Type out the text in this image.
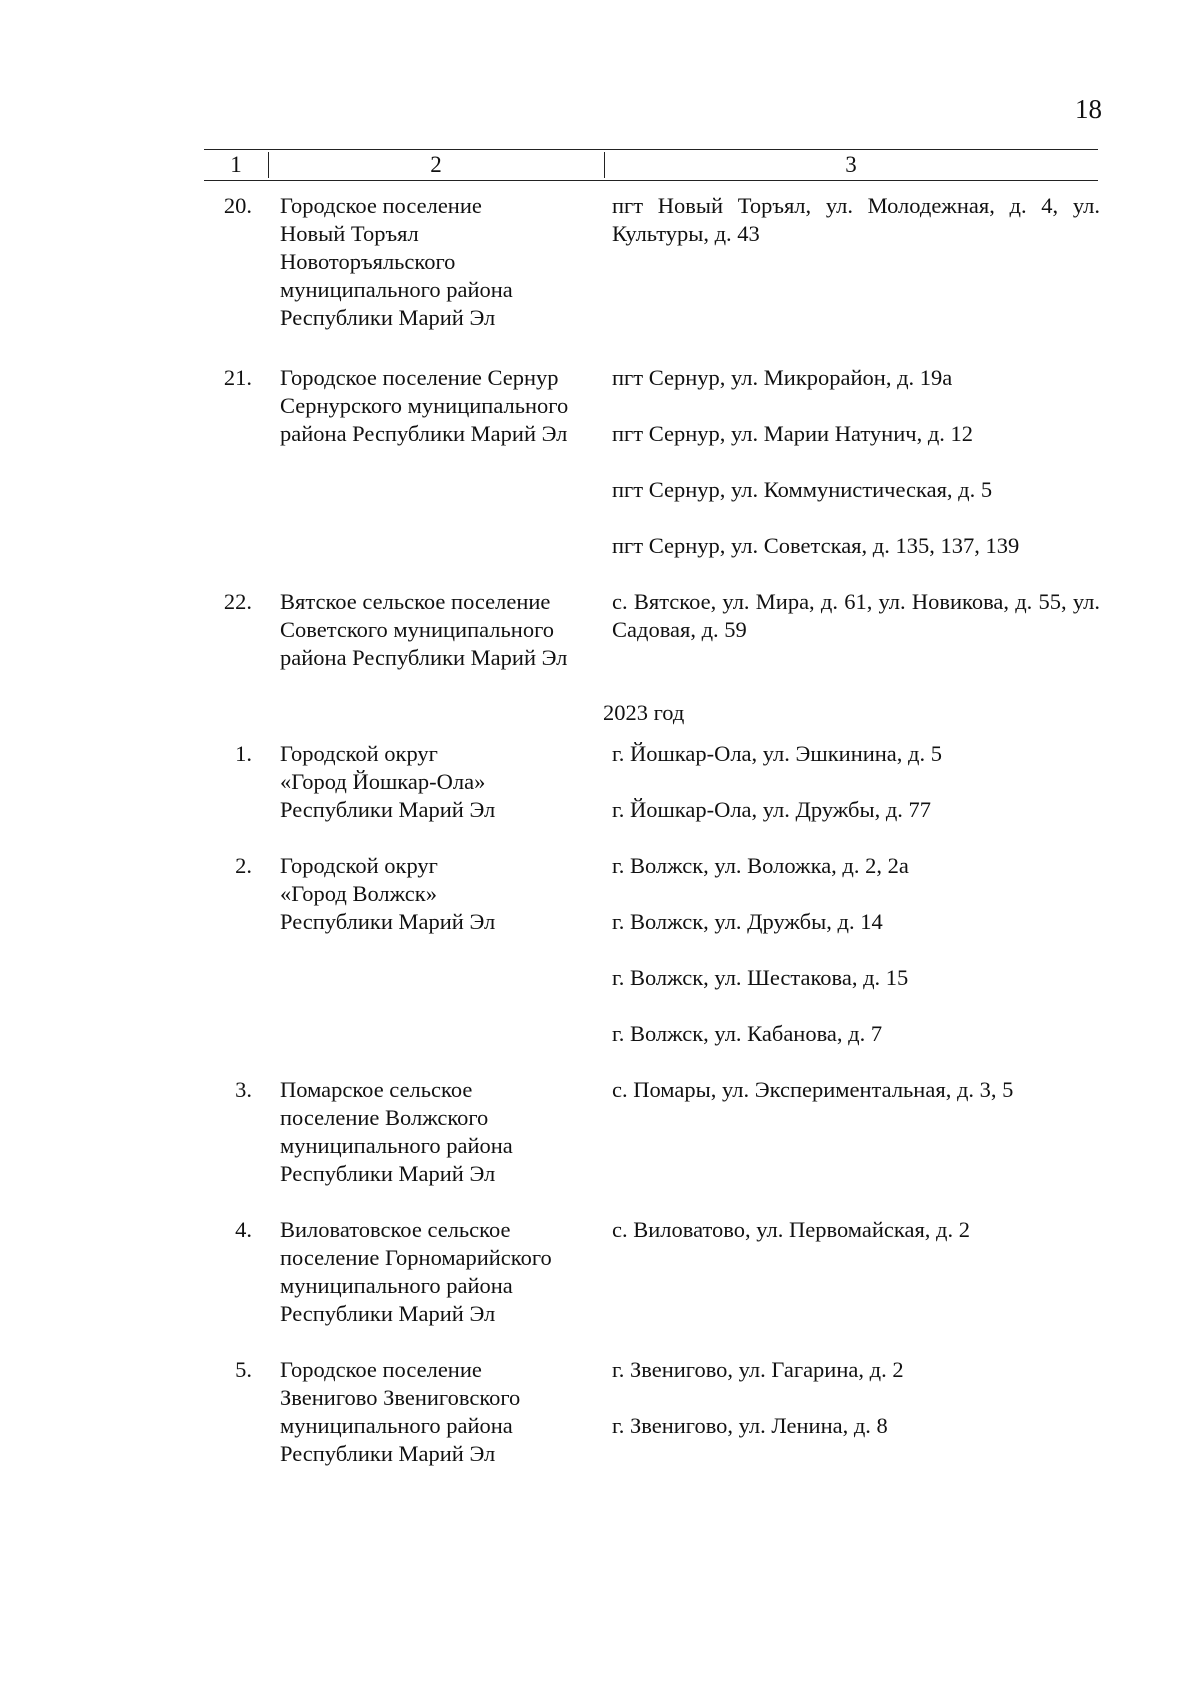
18
1	2	3
20. Городское поселение
Новый Торъял
Новоторъяльского
муниципального района
Республики Марий Эл
пгт Новый Торъял, ул. Молодежная, д. 4, ул. Культуры, д. 43
21. Городское поселение Сернур
Сернурского муниципального
района Республики Марий Эл
пгт Сернур, ул. Микрорайон, д. 19а
пгт Сернур, ул. Марии Натунич, д. 12
пгт Сернур, ул. Коммунистическая, д. 5
пгт Сернур, ул. Советская, д. 135, 137, 139
22. Вятское сельское поселение
Советского муниципального
района Республики Марий Эл
с. Вятское, ул. Мира, д. 61, ул. Новикова, д. 55, ул. Садовая, д. 59
2023 год
1. Городской округ
«Город Йошкар-Ола»
Республики Марий Эл
г. Йошкар-Ола, ул. Эшкинина, д. 5
г. Йошкар-Ола, ул. Дружбы, д. 77
2. Городской округ
«Город Волжск»
Республики Марий Эл
г. Волжск, ул. Воложка, д. 2, 2а
г. Волжск, ул. Дружбы, д. 14
г. Волжск, ул. Шестакова, д. 15
г. Волжск, ул. Кабанова, д. 7
3. Помарское сельское
поселение Волжского
муниципального района
Республики Марий Эл
с. Помары, ул. Экспериментальная, д. 3, 5
4. Виловатовское сельское
поселение Горномарийского
муниципального района
Республики Марий Эл
с. Виловатово, ул. Первомайская, д. 2
5. Городское поселение
Звенигово Звениговского
муниципального района
Республики Марий Эл
г. Звенигово, ул. Гагарина, д. 2
г. Звенигово, ул. Ленина, д. 8
